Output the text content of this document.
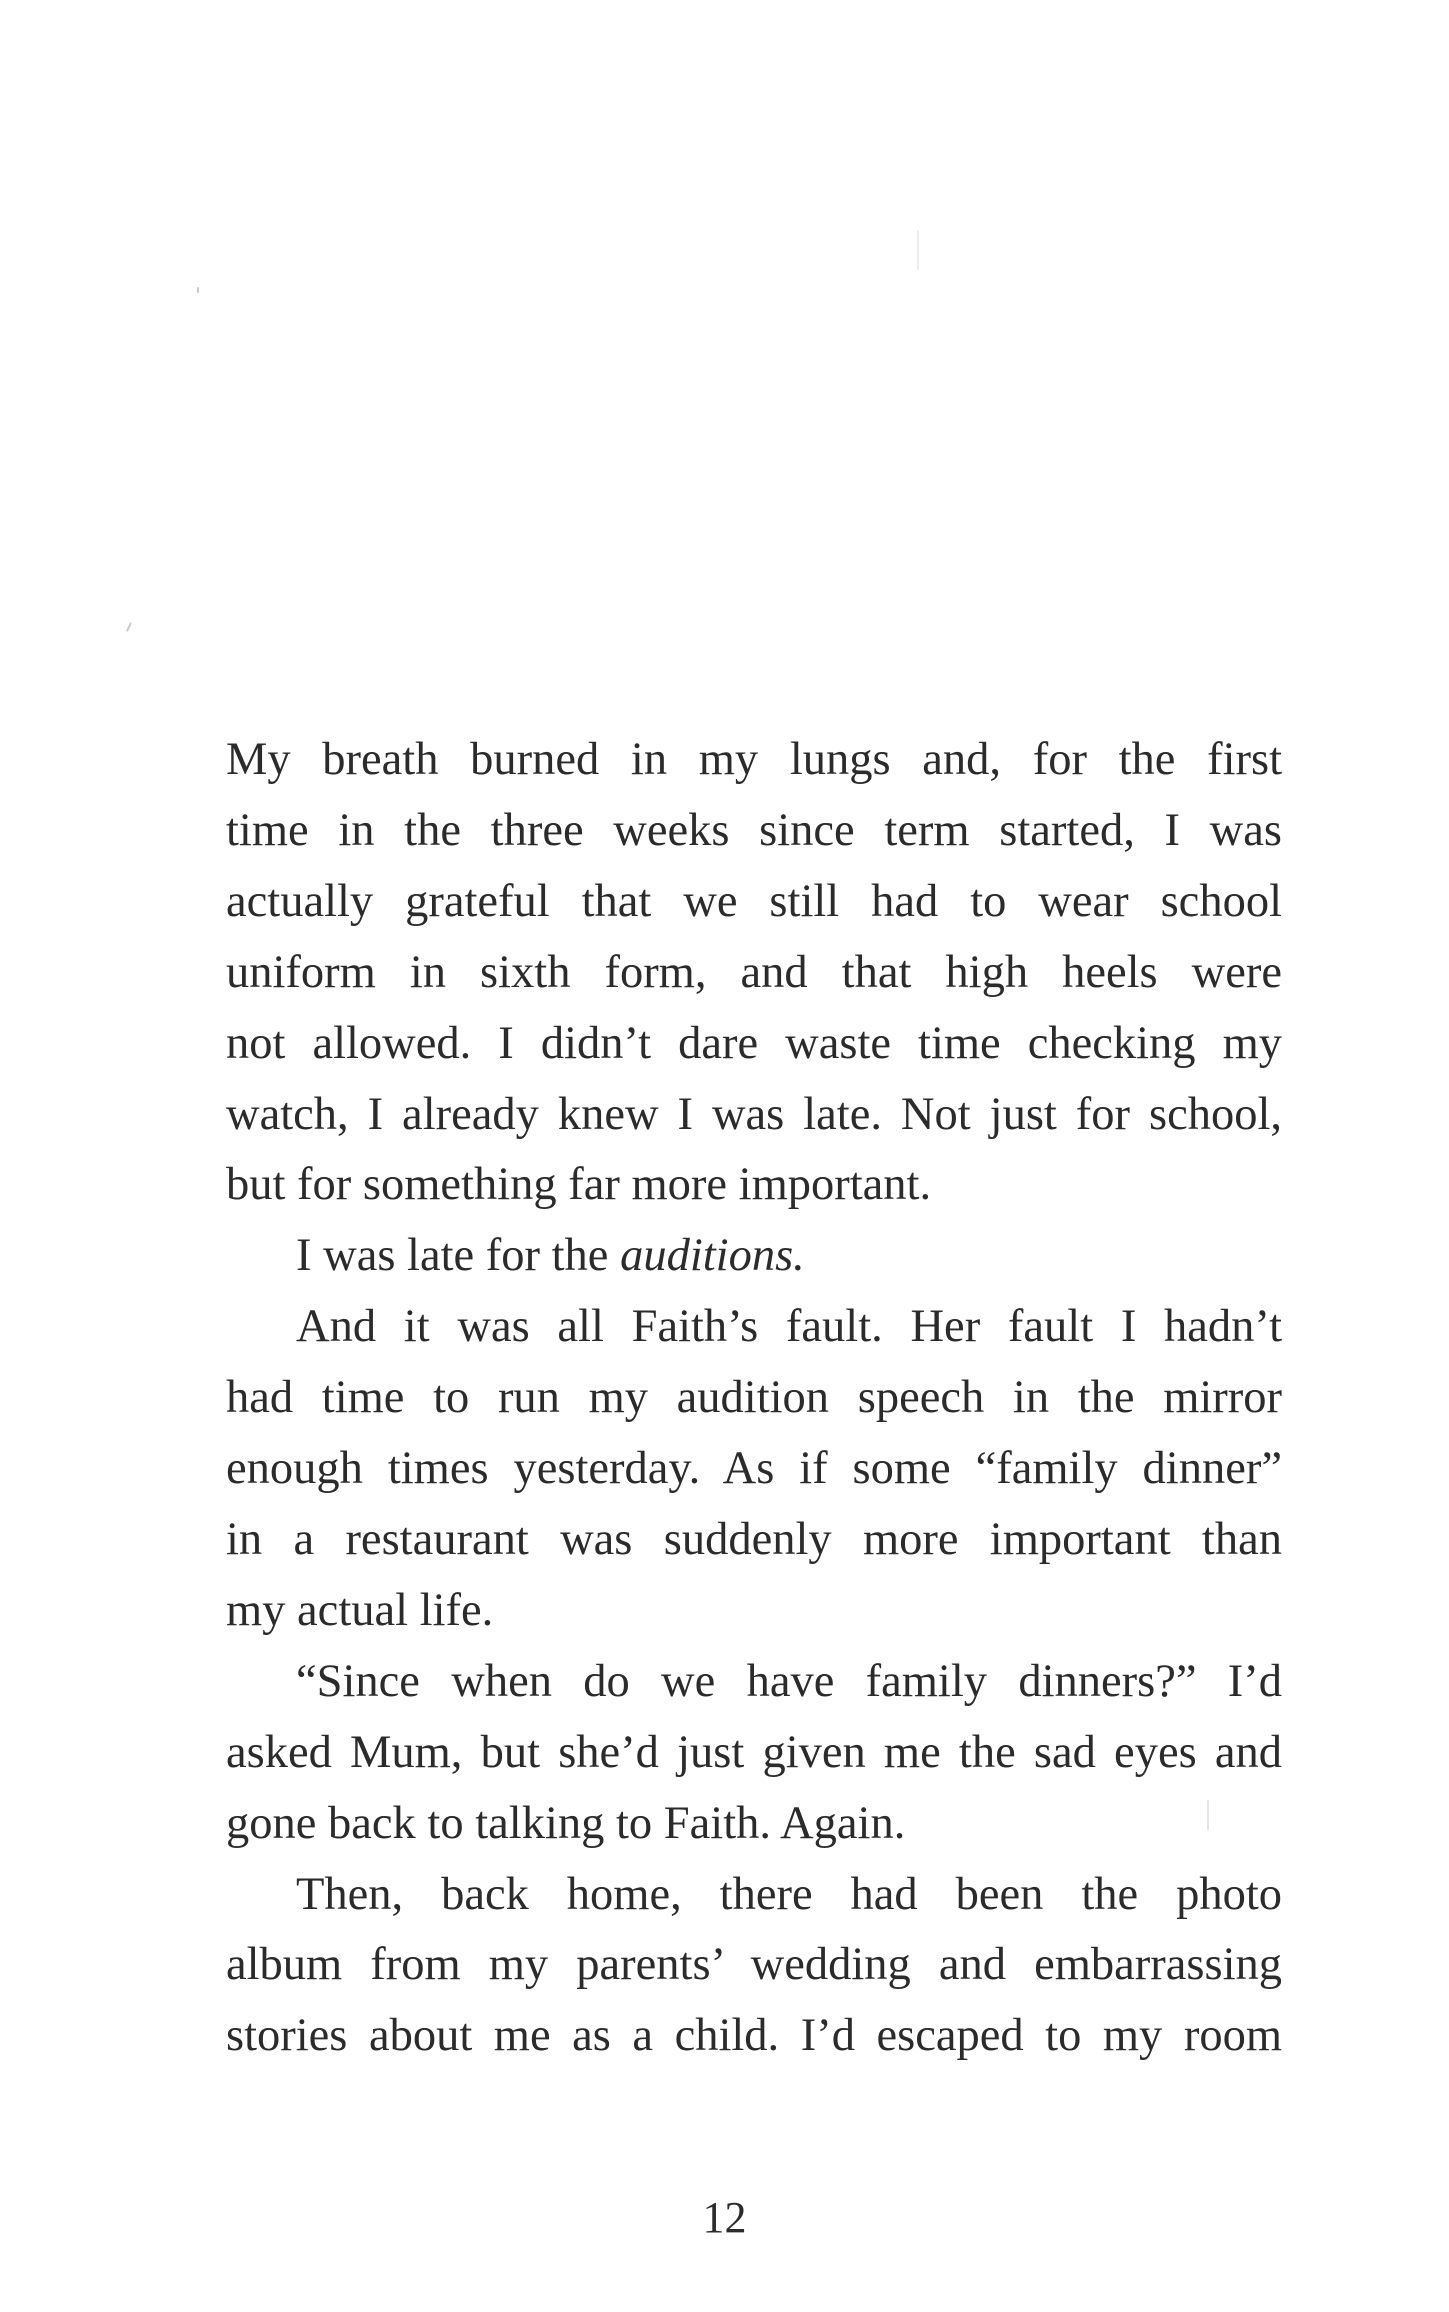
My breath burned in my lungs and, for the first
time in the three weeks since term started, I was
actually grateful that we still had to wear school
uniform in sixth form, and that high heels were
not allowed. I didn’t dare waste time checking my
watch, I already knew I was late. Not just for school,
but for something far more important.
I was late for the auditions.
And it was all Faith’s fault. Her fault I hadn’t
had time to run my audition speech in the mirror
enough times yesterday. As if some “family dinner”
in a restaurant was suddenly more important than
my actual life.
“Since when do we have family dinners?” I’d
asked Mum, but she’d just given me the sad eyes and
gone back to talking to Faith. Again.
Then, back home, there had been the photo
album from my parents’ wedding and embarrassing
stories about me as a child. I’d escaped to my room
12
